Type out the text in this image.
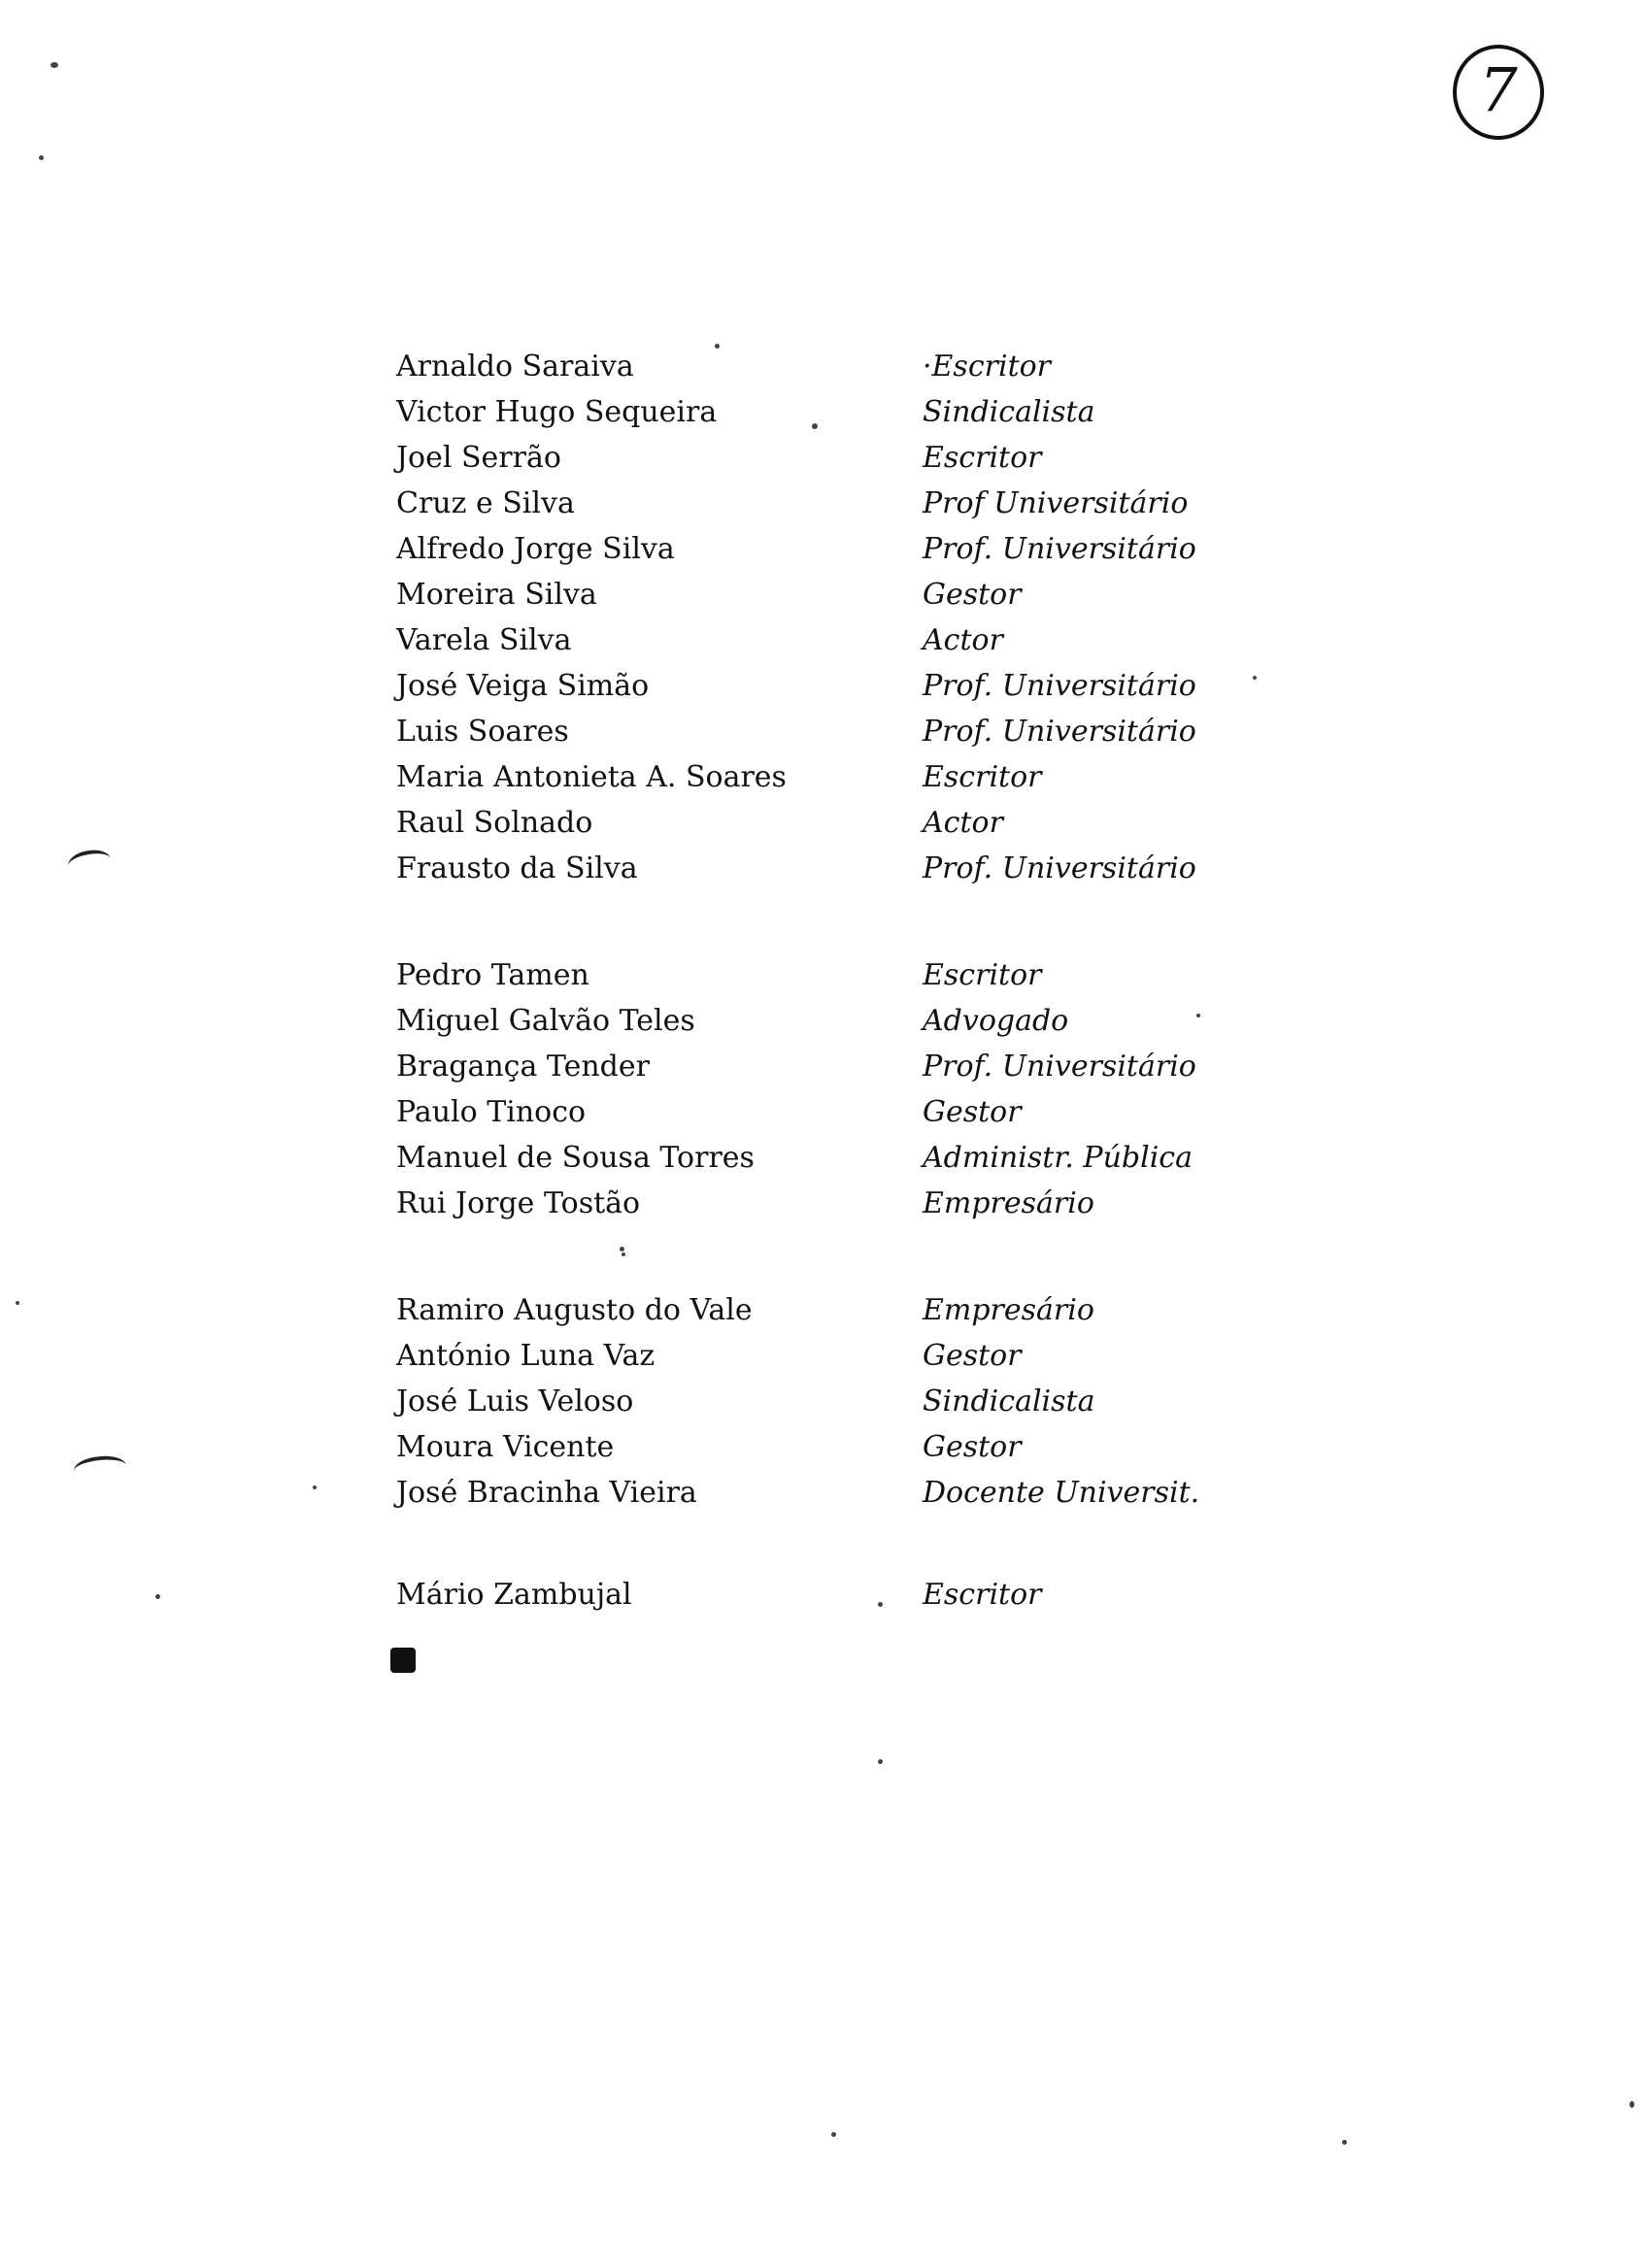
7
Arnaldo Saraiva	·Escritor
Victor Hugo Sequeira	Sindicalista
Joel Serrão	Escritor
Cruz e Silva	Prof Universitário
Alfredo Jorge Silva	Prof. Universitário
Moreira Silva	Gestor
Varela Silva	Actor
José Veiga Simão	Prof. Universitário
Luis Soares	Prof. Universitário
Maria Antonieta A. Soares	Escritor
Raul Solnado	Actor
Frausto da Silva	Prof. Universitário
Pedro Tamen	Escritor
Miguel Galvão Teles	Advogado
Bragança Tender	Prof. Universitário
Paulo Tinoco	Gestor
Manuel de Sousa Torres	Administr. Pública
Rui Jorge Tostão	Empresário
Ramiro Augusto do Vale	Empresário
António Luna Vaz	Gestor
José Luis Veloso	Sindicalista
Moura Vicente	Gestor
José Bracinha Vieira	Docente Universit.
Mário Zambujal	Escritor
